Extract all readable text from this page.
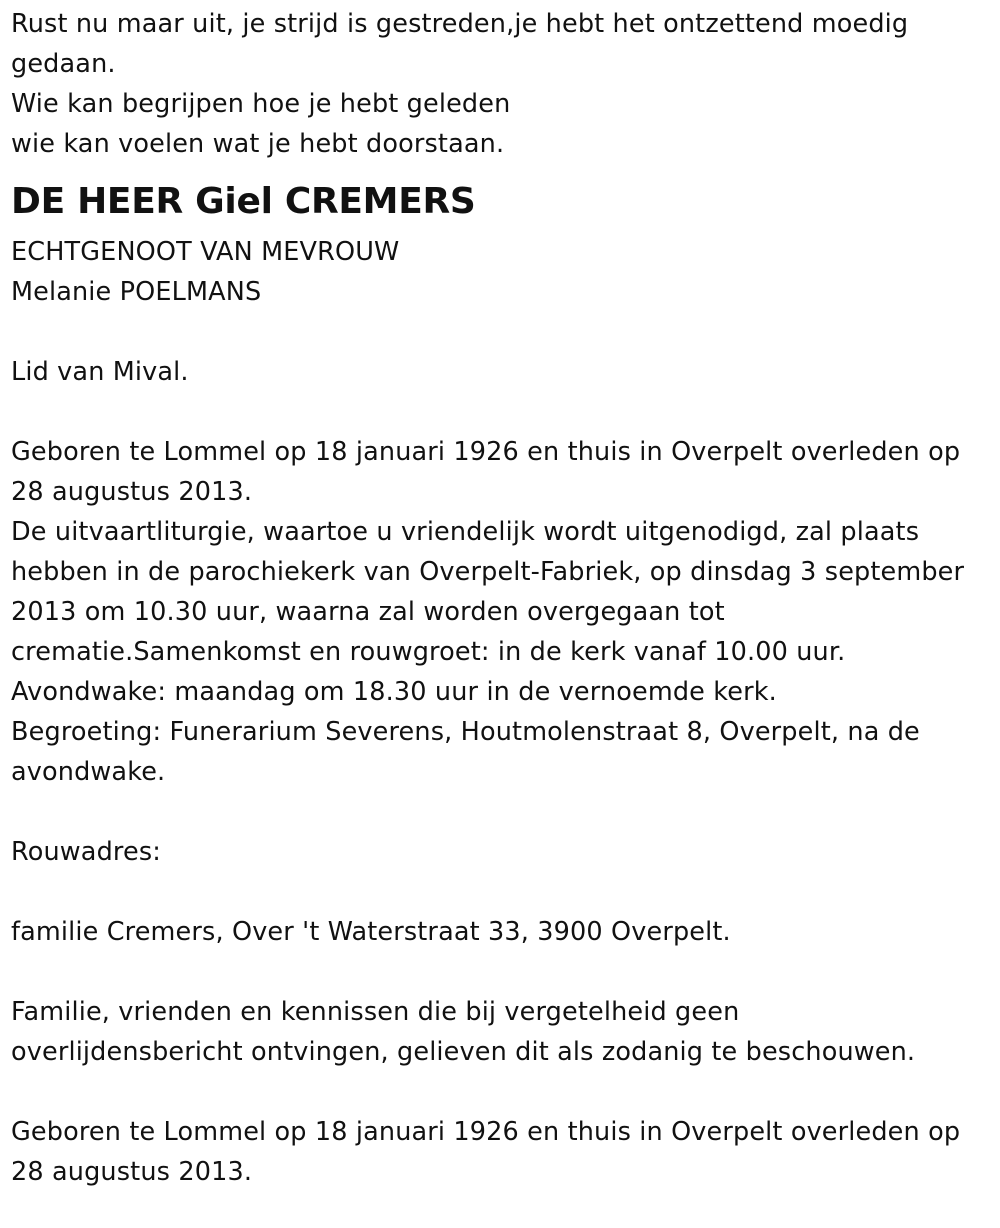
Rust nu maar uit, je strijd is gestreden,je hebt het ontzettend moedig
gedaan.
Wie kan begrijpen hoe je hebt geleden
wie kan voelen wat je hebt doorstaan.
DE HEER Giel CREMERS
ECHTGENOOT VAN MEVROUW
Melanie POELMANS
Lid van Mival.
Geboren te Lommel op 18 januari 1926 en thuis in Overpelt overleden op
28 augustus 2013.
De uitvaartliturgie, waartoe u vriendelijk wordt uitgenodigd, zal plaats
hebben in de parochiekerk van Overpelt-Fabriek, op dinsdag 3 september
2013 om 10.30 uur, waarna zal worden overgegaan tot
crematie.Samenkomst en rouwgroet: in de kerk vanaf 10.00 uur.
Avondwake: maandag om 18.30 uur in de vernoemde kerk.
Begroeting: Funerarium Severens, Houtmolenstraat 8, Overpelt, na de
avondwake.
Rouwadres:
familie Cremers, Over 't Waterstraat 33, 3900 Overpelt.
Familie, vrienden en kennissen die bij vergetelheid geen
overlijdensbericht ontvingen, gelieven dit als zodanig te beschouwen.
Geboren te Lommel op 18 januari 1926 en thuis in Overpelt overleden op
28 augustus 2013.
